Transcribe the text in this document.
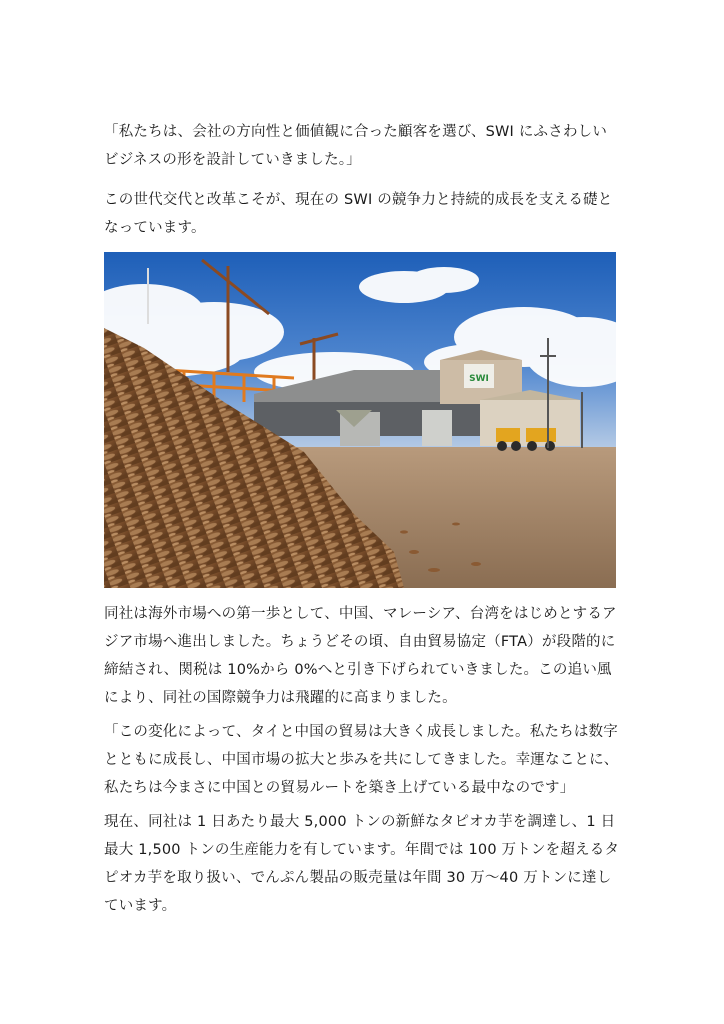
「私たちは、会社の方向性と価値観に合った顧客を選び、SWI にふさわしいビジネスの形を設計していきました。」

この世代交代と改革こそが、現在の SWI の競争力と持続的成長を支える礎となっています。

SWI

同社は海外市場への第一歩として、中国、マレーシア、台湾をはじめとするアジア市場へ進出しました。ちょうどその頃、自由貿易協定（FTA）が段階的に締結され、関税は 10%から 0%へと引き下げられていきました。この追い風により、同社の国際競争力は飛躍的に高まりました。

「この変化によって、タイと中国の貿易は大きく成長しました。私たちは数字とともに成長し、中国市場の拡大と歩みを共にしてきました。幸運なことに、私たちは今まさに中国との貿易ルートを築き上げている最中なのです」

現在、同社は 1 日あたり最大 5,000 トンの新鮮なタピオカ芋を調達し、1 日最大 1,500 トンの生産能力を有しています。年間では 100 万トンを超えるタピオカ芋を取り扱い、でんぷん製品の販売量は年間 30 万〜40 万トンに達しています。
